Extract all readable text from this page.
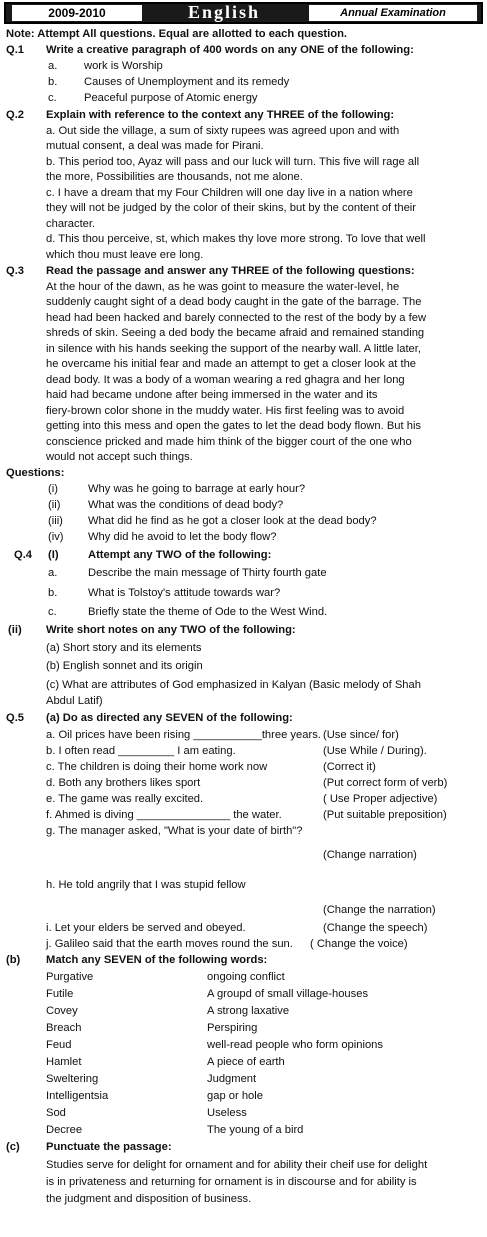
2009-2010	English	Annual Examination
Note: Attempt All questions. Equal are allotted to each question.
Q.1 Write a creative paragraph of 400 words on any ONE of the following:
a. work is Worship
b. Causes of Unemployment and its remedy
c. Peaceful purpose of Atomic energy
Q.2 Explain with reference to the context any THREE of the following:
a. Out side the village, a sum of sixty rupees was agreed upon and with
mutual consent, a deal was made for Pirani.
b. This period too, Ayaz will pass and our luck will turn. This five will rage all
the more, Possibilities are thousands, not me alone.
c. I have a dream that my Four Children will one day live in a nation where
they will not be judged by the color of their skins, but by the content of their
character.
d. This thou perceive, st, which makes thy love more strong. To love that well
which thou must leave ere long.
Q.3 Read the passage and answer any THREE of the following questions:
At the hour of the dawn, as he was goint to measure the water-level, he
suddenly caught sight of a dead body caught in the gate of the barrage. The
head had been hacked and barely connected to the rest of the body by a few
shreds of skin. Seeing a ded body the became afraid and remained standing
in silence with his hands seeking the support of the nearby wall. A little later,
he overcame his initial fear and made an attempt to get a closer look at the
dead body. It was a body of a woman wearing a red ghagra and her long
haid had became undone after being immersed in the water and its
fiery-brown color shone in the muddy water. His first feeling was to avoid
getting into this mess and open the gates to let the dead body flown. But his
conscience pricked and made him think of the bigger court of the one who
would not accept such things.
Questions:
(i)	Why was he going to barrage at early hour?
(ii) What was the conditions of dead body?
(iii) What did he find as he got a closer look at the dead body?
(iv) Why did he avoid to let the body flow?
Q.4 (I)	Attempt any TWO of the following:
a.	Describe the main message of Thirty fourth gate
b.	What is Tolstoy's attitude towards war?
c.	Briefly state the theme of Ode to the West Wind.
(ii) Write short notes on any TWO of the following:
(a) Short story and its elements
(b) English sonnet and its origin
(c) What are attributes of God emphasized in Kalyan (Basic melody of Shah
Abdul Latif)
Q.5 (a) Do as directed any SEVEN of the following:
a. Oil prices have been rising ___________three years. (Use since/ for)
b. I often read _________ I am eating.	(Use While / During).
c. The children is doing their home work now	(Correct it)
d. Both any brothers likes sport	(Put correct form of verb)
e. The game was really excited.	( Use Proper adjective)
f. Ahmed is diving _______________ the water.	(Put suitable preposition)
g. The manager asked, "What is your date of birth"?
(Change narration)
h. He told angrily that I was stupid fellow
(Change the narration)
i. Let your elders be served and obeyed.	(Change the speech)
j. Galileo said that the earth moves round the sun. ( Change the voice)
(b) Match any SEVEN of the following words:
Purgative	ongoing conflict
Futile	A groupd of small village-houses
Covey	A strong laxative
Breach	Perspiring
Feud	well-read people who form opinions
Hamlet	A piece of earth
Sweltering	Judgment
Intelligentsia	gap or hole
Sod	Useless
Decree	The young of a bird
(c) Punctuate the passage:
Studies serve for delight for ornament and for ability their cheif use for delight
is in privateness and returning for ornament is in discourse and for ability is
the judgment and disposition of business.
